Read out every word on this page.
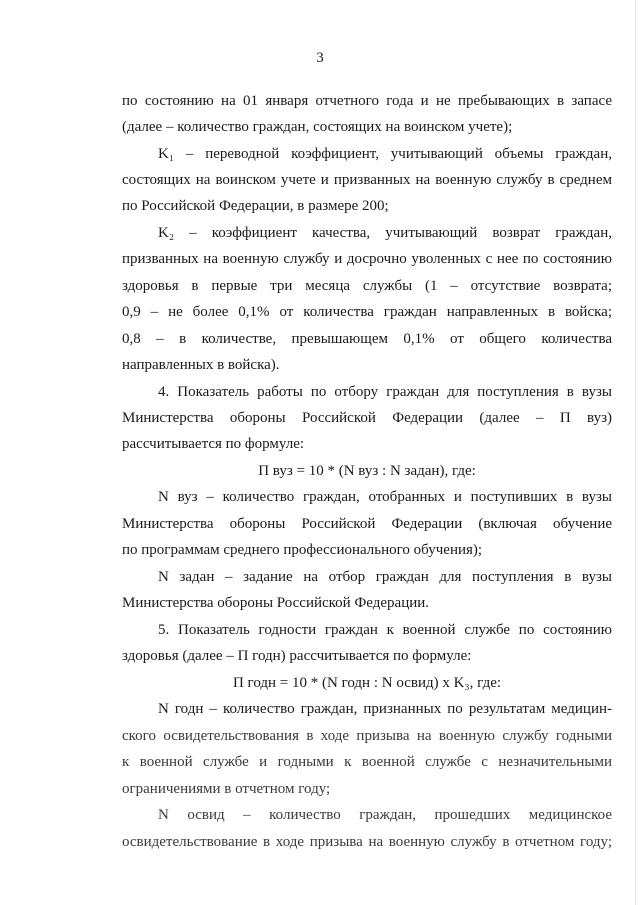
3
по состоянию на 01 января отчетного года и не пребывающих в запасе
(далее – количество граждан, состоящих на воинском учете);
K₁ – переводной коэффициент, учитывающий объемы граждан,
состоящих на воинском учете и призванных на военную службу в среднем
по Российской Федерации, в размере 200;
K₂ – коэффициент качества, учитывающий возврат граждан,
призванных на военную службу и досрочно уволенных с нее по состоянию
здоровья в первые три месяца службы (1 – отсутствие возврата;
0,9 – не более 0,1% от количества граждан направленных в войска;
0,8 – в количестве, превышающем 0,1% от общего количества
направленных в войска).
4. Показатель работы по отбору граждан для поступления в вузы
Министерства обороны Российской Федерации (далее – П вуз)
рассчитывается по формуле:
П вуз = 10 * (N вуз : N задан), где:
N вуз – количество граждан, отобранных и поступивших в вузы
Министерства обороны Российской Федерации (включая обучение
по программам среднего профессионального обучения);
N задан – задание на отбор граждан для поступления в вузы
Министерства обороны Российской Федерации.
5. Показатель годности граждан к военной службе по состоянию
здоровья (далее – П годн) рассчитывается по формуле:
П годн = 10 * (N годн : N освид) х K₃, где:
N годн – количество граждан, признанных по результатам медицин-
ского освидетельствования в ходе призыва на военную службу годными
к военной службе и годными к военной службе с незначительными
ограничениями в отчетном году;
N освид – количество граждан, прошедших медицинское
освидетельствование в ходе призыва на военную службу в отчетном году;
